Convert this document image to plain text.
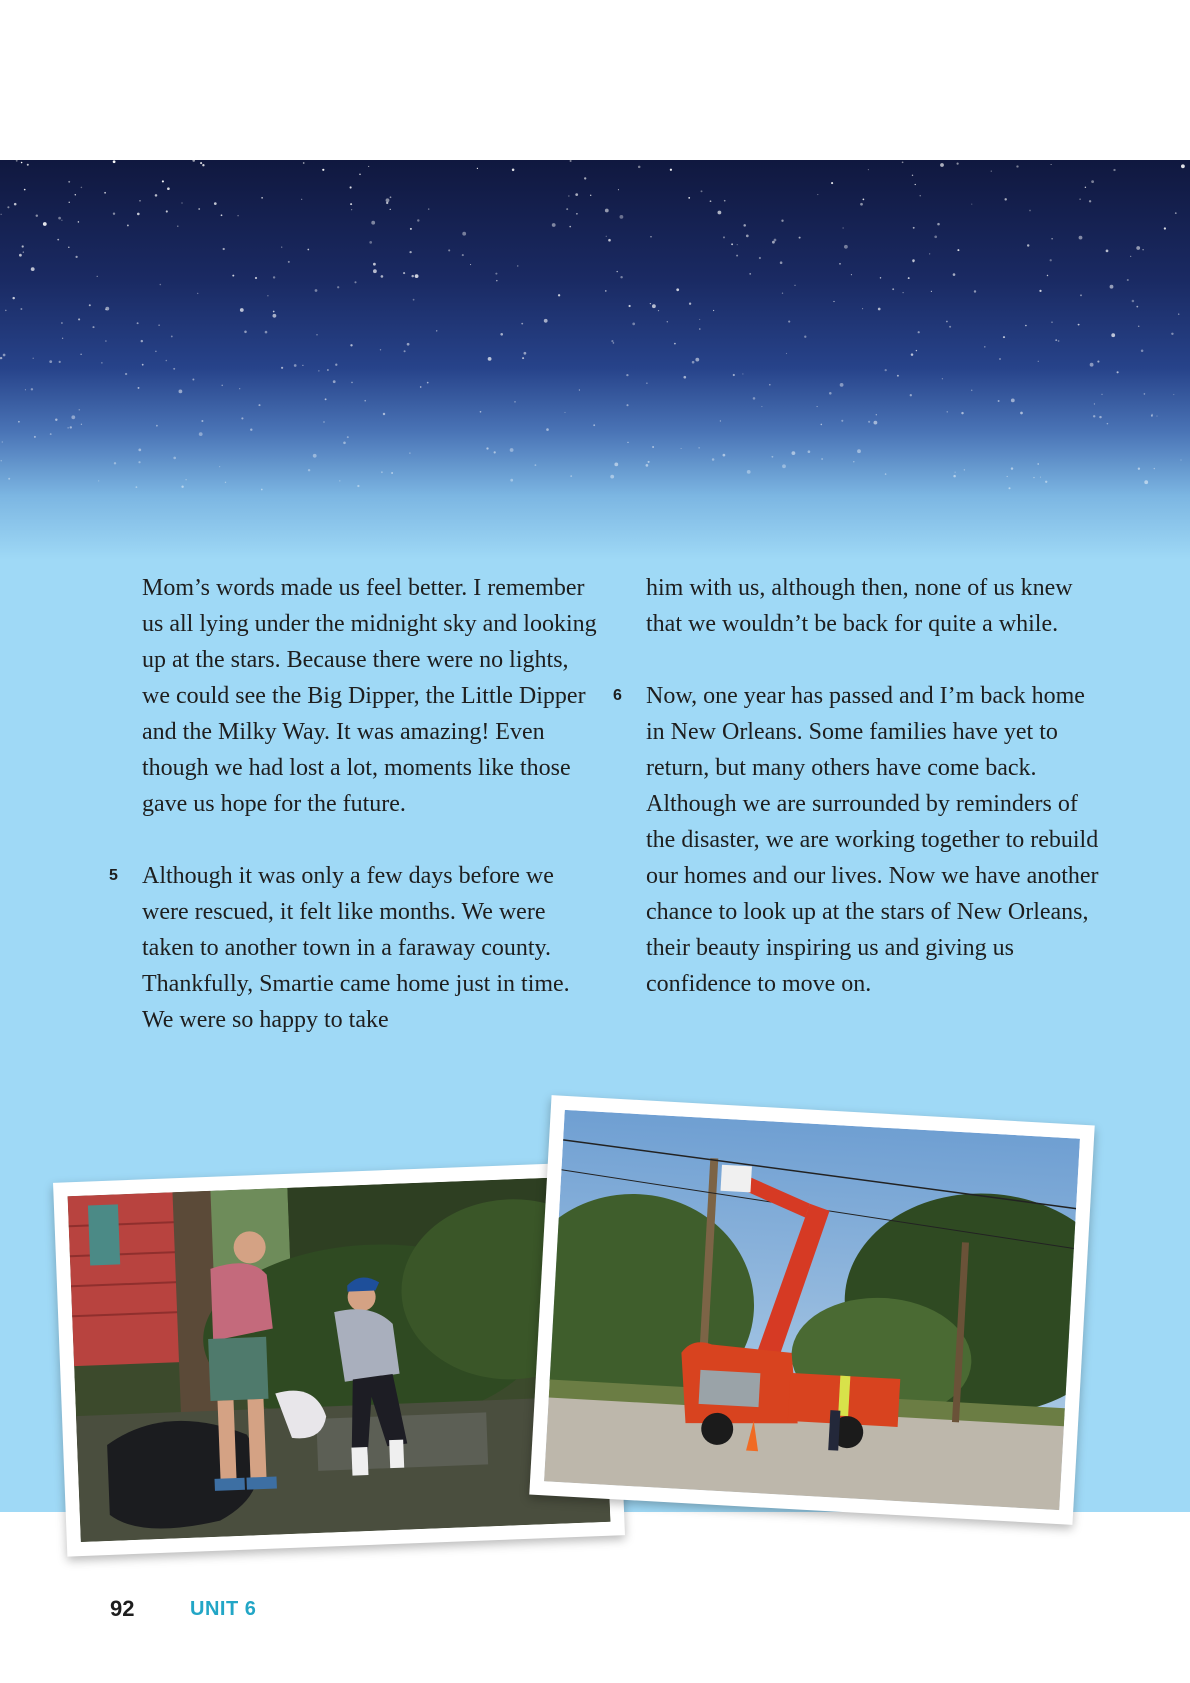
Mom’s words made us feel better. I remember us all lying under the midnight sky and looking up at the stars. Because there were no lights, we could see the Big Dipper, the Little Dipper and the Milky Way. It was amazing! Even though we had lost a lot, moments like those gave us hope for the future.

5 Although it was only a few days before we were rescued, it felt like months. We were taken to another town in a faraway county. Thankfully, Smartie came home just in time. We were so happy to take

him with us, although then, none of us knew that we wouldn’t be back for quite a while.

6 Now, one year has passed and I’m back home in New Orleans. Some families have yet to return, but many others have come back. Although we are surrounded by reminders of the disaster, we are working together to rebuild our homes and our lives. Now we have another chance to look up at the stars of New Orleans, their beauty inspiring us and giving us confidence to move on.

92	UNIT 6
